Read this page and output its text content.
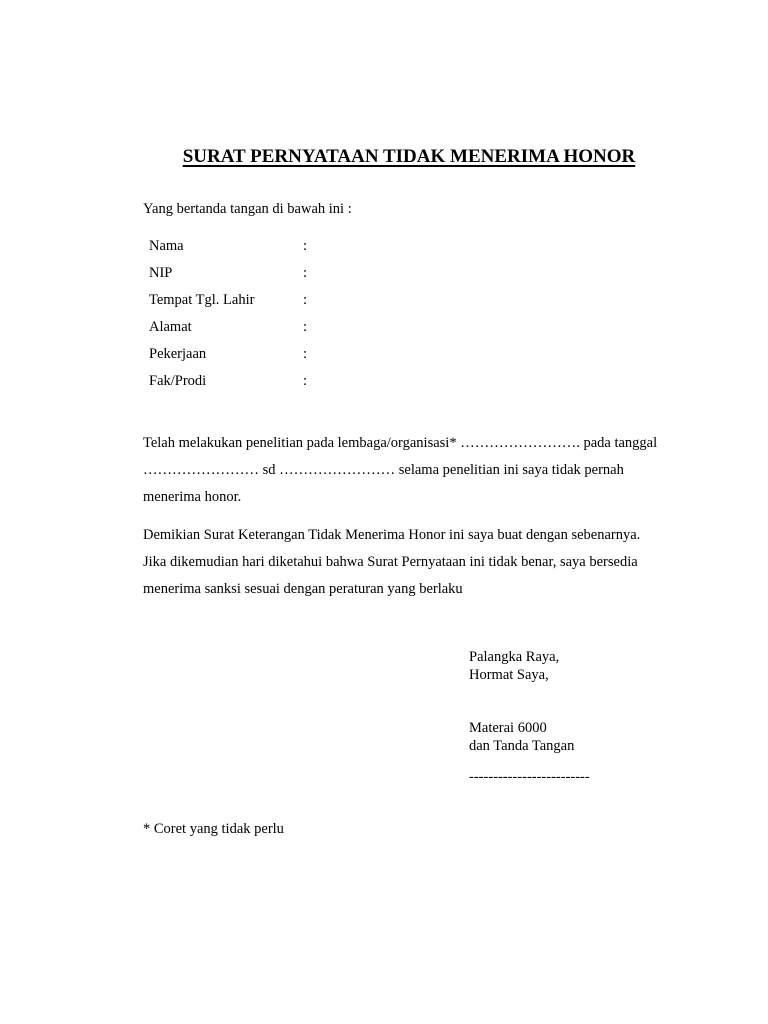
SURAT PERNYATAAN TIDAK MENERIMA HONOR
Yang bertanda tangan di bawah ini :
Nama	:
NIP	:
Tempat Tgl. Lahir	:
Alamat	:
Pekerjaan	:
Fak/Prodi	:
Telah melakukan penelitian pada lembaga/organisasi* ……………………. pada tanggal
…………………… sd …………………… selama penelitian ini saya tidak pernah
menerima honor.
Demikian Surat Keterangan Tidak Menerima Honor ini saya buat dengan sebenarnya.
Jika dikemudian hari diketahui bahwa Surat Pernyataan ini tidak benar, saya bersedia
menerima sanksi sesuai dengan peraturan yang berlaku
Palangka Raya,
Hormat Saya,
Materai 6000
dan Tanda Tangan
-------------------------
* Coret yang tidak perlu
